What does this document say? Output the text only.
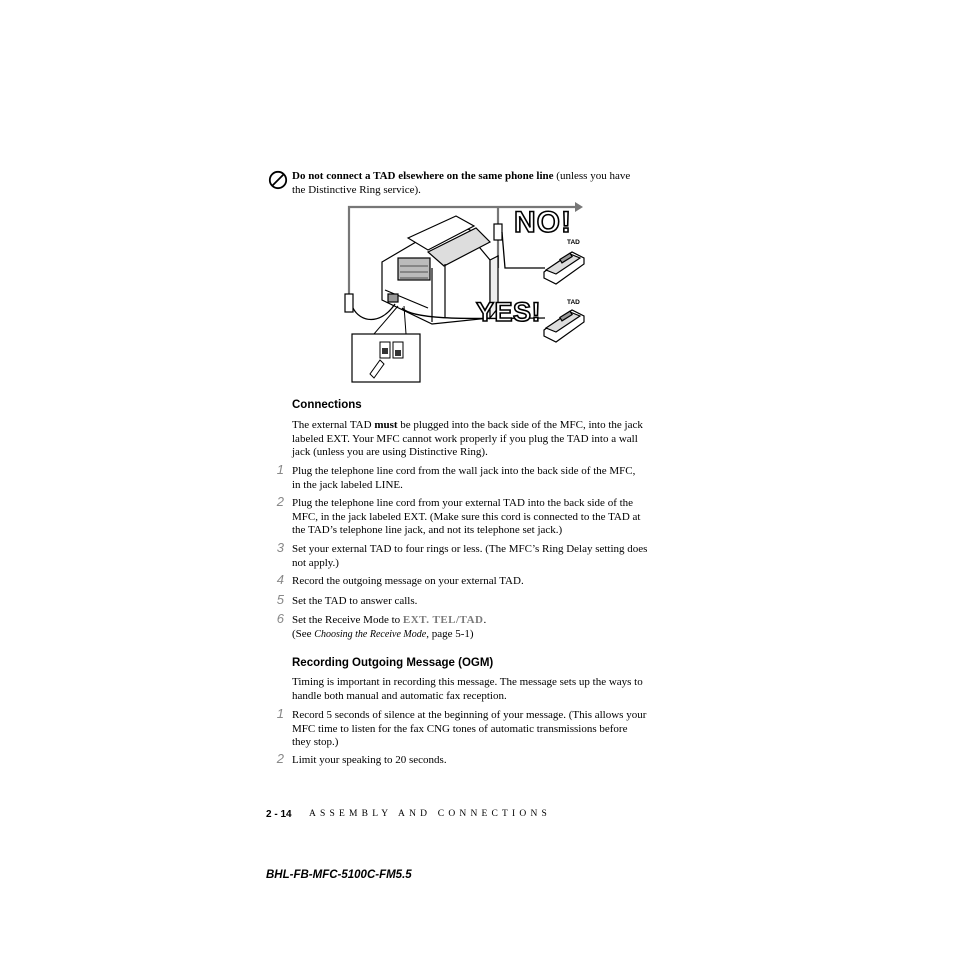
Do not connect a TAD elsewhere on the same phone line (unless you have
the Distinctive Ring service).
NO!
YES!
TAD
TAD
Connections
The external TAD must be plugged into the back side of the MFC, into the jack
labeled EXT. Your MFC cannot work properly if you plug the TAD into a wall
jack (unless you are using Distinctive Ring).
1 Plug the telephone line cord from the wall jack into the back side of the MFC,
in the jack labeled LINE.
2 Plug the telephone line cord from your external TAD into the back side of the
MFC, in the jack labeled EXT. (Make sure this cord is connected to the TAD at
the TAD’s telephone line jack, and not its telephone set jack.)
3 Set your external TAD to four rings or less. (The MFC’s Ring Delay setting does
not apply.)
4 Record the outgoing message on your external TAD.
5 Set the TAD to answer calls.
6 Set the Receive Mode to EXT. TEL/TAD.
(See Choosing the Receive Mode, page 5-1)
Recording Outgoing Message (OGM)
Timing is important in recording this message. The message sets up the ways to
handle both manual and automatic fax reception.
1 Record 5 seconds of silence at the beginning of your message. (This allows your
MFC time to listen for the fax CNG tones of automatic transmissions before
they stop.)
2 Limit your speaking to 20 seconds.
2 - 14 ASSEMBLY AND CONNECTIONS
BHL-FB-MFC-5100C-FM5.5
